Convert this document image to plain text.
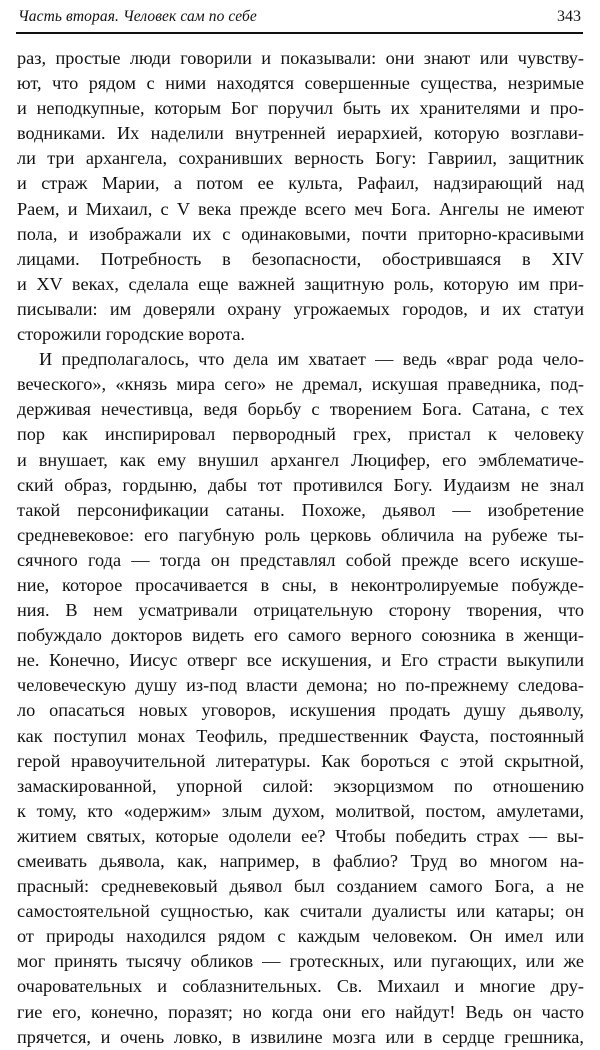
Часть вторая. Человек сам по себе	343
раз, простые люди говорили и показывали: они знают или чувству-
ют, что рядом с ними находятся совершенные существа, незримые
и неподкупные, которым Бог поручил быть их хранителями и про-
водниками. Их наделили внутренней иерархией, которую возглави-
ли три архангела, сохранивших верность Богу: Гавриил, защитник
и страж Марии, а потом ее культа, Рафаил, надзирающий над
Раем, и Михаил, с V века прежде всего меч Бога. Ангелы не имеют
пола, и изображали их с одинаковыми, почти приторно-красивыми
лицами. Потребность в безопасности, обострившаяся в XIV
и XV веках, сделала еще важней защитную роль, которую им при-
писывали: им доверяли охрану угрожаемых городов, и их статуи
сторожили городские ворота.
И предполагалось, что дела им хватает — ведь «враг рода чело-
веческого», «князь мира сего» не дремал, искушая праведника, под-
держивая нечестивца, ведя борьбу с творением Бога. Сатана, с тех
пор как инспирировал первородный грех, пристал к человеку
и внушает, как ему внушил архангел Люцифер, его эмблематиче-
ский образ, гордыню, дабы тот противился Богу. Иудаизм не знал
такой персонификации сатаны. Похоже, дьявол — изобретение
средневековое: его пагубную роль церковь обличила на рубеже ты-
сячного года — тогда он представлял собой прежде всего искуше-
ние, которое просачивается в сны, в неконтролируемые побужде-
ния. В нем усматривали отрицательную сторону творения, что
побуждало докторов видеть его самого верного союзника в женщи-
не. Конечно, Иисус отверг все искушения, и Его страсти выкупили
человеческую душу из-под власти демона; но по-прежнему следова-
ло опасаться новых уговоров, искушения продать душу дьяволу,
как поступил монах Теофиль, предшественник Фауста, постоянный
герой нравоучительной литературы. Как бороться с этой скрытной,
замаскированной, упорной силой: экзорцизмом по отношению
к тому, кто «одержим» злым духом, молитвой, постом, амулетами,
житием святых, которые одолели ее? Чтобы победить страх — вы-
смеивать дьявола, как, например, в фаблио? Труд во многом на-
прасный: средневековый дьявол был созданием самого Бога, а не
самостоятельной сущностью, как считали дуалисты или катары; он
от природы находился рядом с каждым человеком. Он имел или
мог принять тысячу обликов — гротескных, или пугающих, или же
очаровательных и соблазнительных. Св. Михаил и многие дру-
гие его, конечно, поразят; но когда они его найдут! Ведь он часто
прячется, и очень ловко, в извилине мозга или в сердце грешника,
